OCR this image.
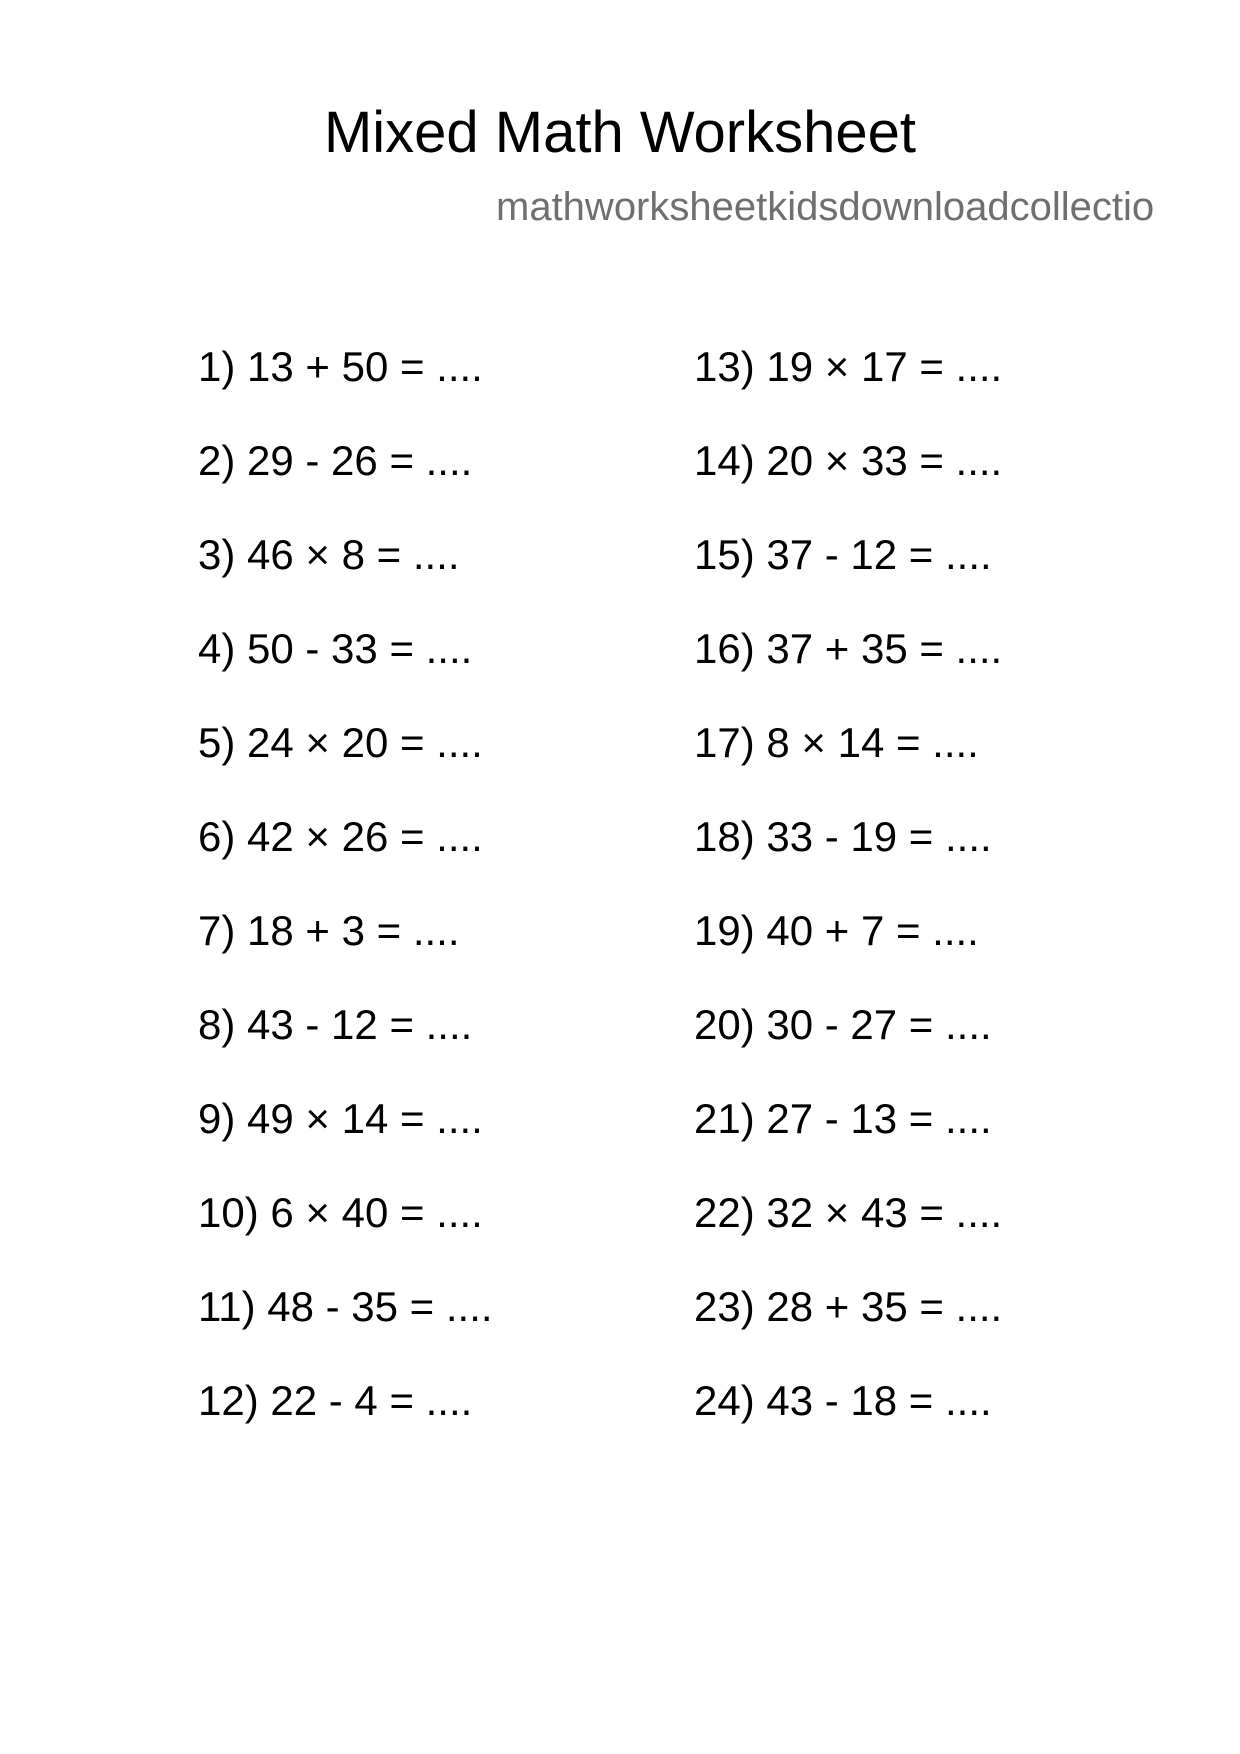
Mixed Math Worksheet
mathworksheetkidsdownloadcollectio
1) 13 + 50 = ....
2) 29 - 26 = ....
3) 46 × 8 = ....
4) 50 - 33 = ....
5) 24 × 20 = ....
6) 42 × 26 = ....
7) 18 + 3 = ....
8) 43 - 12 = ....
9) 49 × 14 = ....
10) 6 × 40 = ....
11) 48 - 35 = ....
12) 22 - 4 = ....
13) 19 × 17 = ....
14) 20 × 33 = ....
15) 37 - 12 = ....
16) 37 + 35 = ....
17) 8 × 14 = ....
18) 33 - 19 = ....
19) 40 + 7 = ....
20) 30 - 27 = ....
21) 27 - 13 = ....
22) 32 × 43 = ....
23) 28 + 35 = ....
24) 43 - 18 = ....
